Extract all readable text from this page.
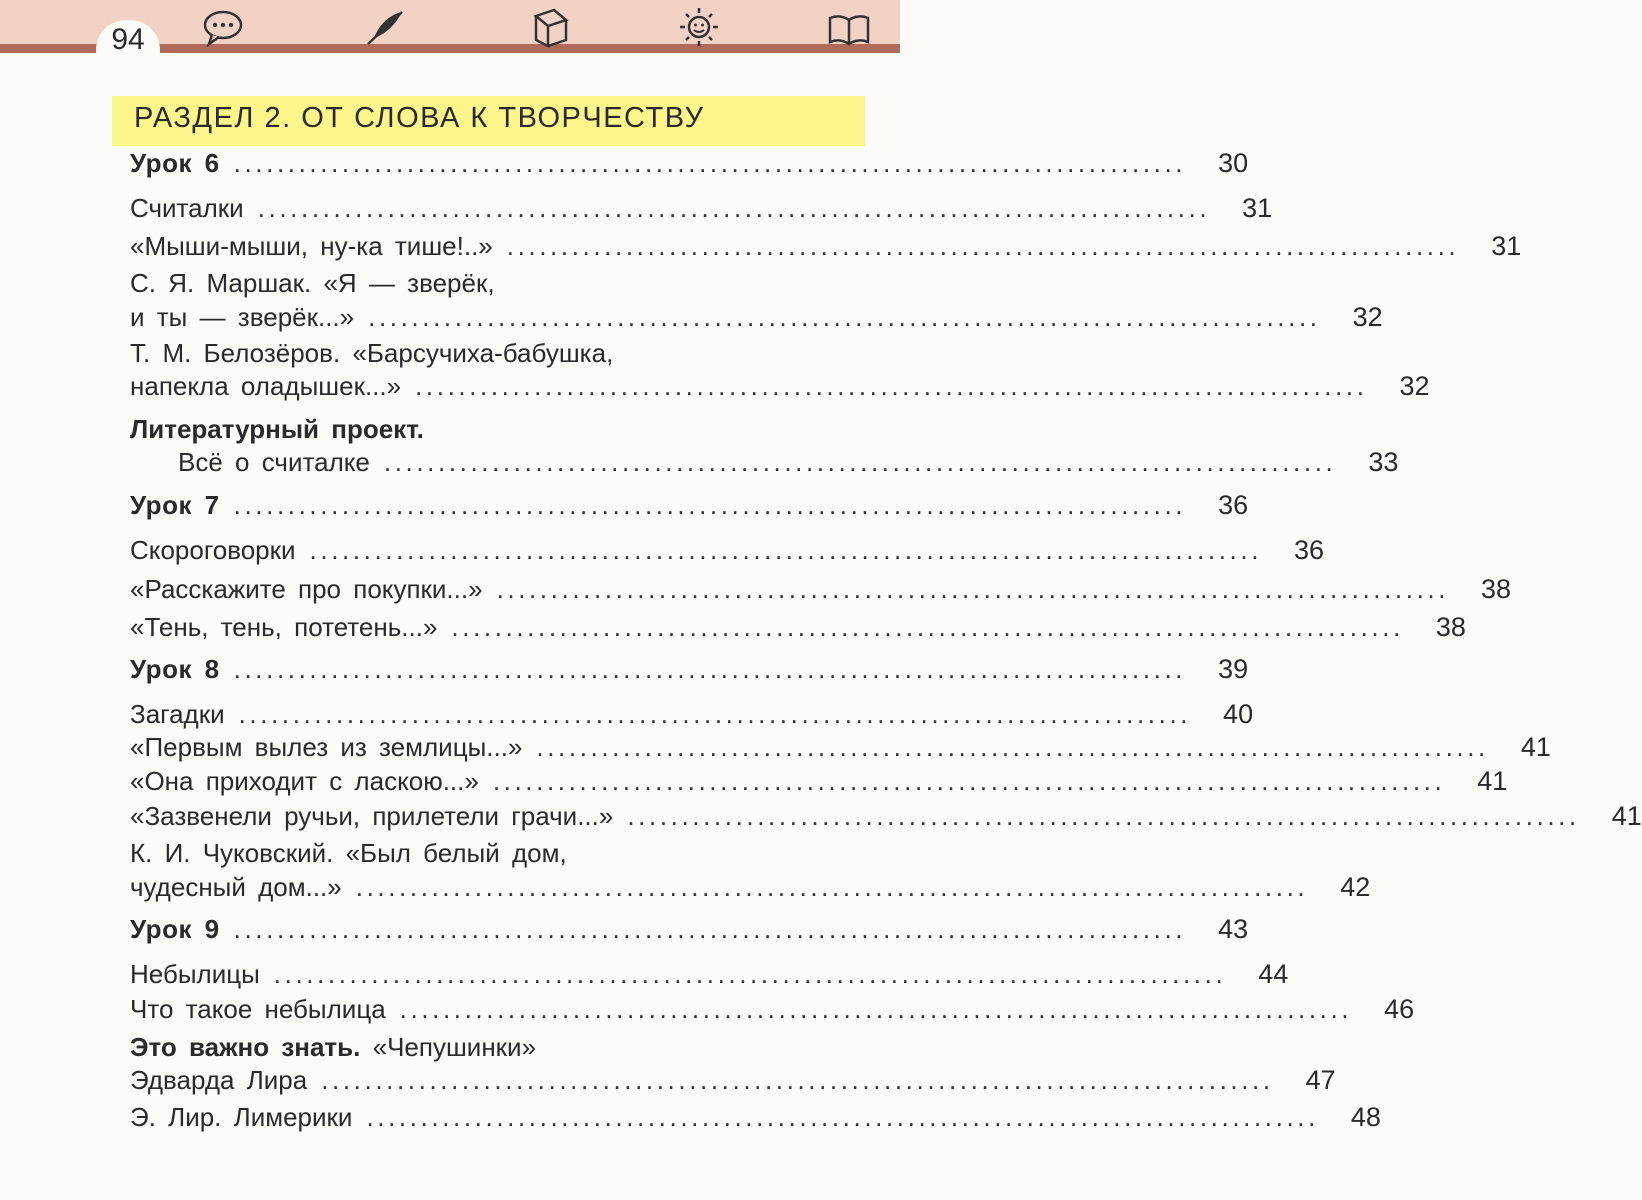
94
РАЗДЕЛ 2. ОТ СЛОВА К ТВОРЧЕСТВУ
Урок 6 ........................................................................................	30
Считалки ........................................................................................	31
«Мыши-мыши, ну-ка тише!..» ........................................................................................	31
С. Я. Маршак. «Я — зверёк,
и ты — зверёк...» ........................................................................................	32
Т. М. Белозёров. «Барсучиха-бабушка,
напекла оладышек...» ........................................................................................	32
Литературный проект.
Всё о считалке ........................................................................................	33
Урок 7 ........................................................................................	36
Скороговорки ........................................................................................	36
«Расскажите про покупки...» ........................................................................................	38
«Тень, тень, потетень...» ........................................................................................	38
Урок 8 ........................................................................................	39
Загадки ........................................................................................	40
«Первым вылез из землицы...» ........................................................................................	41
«Она приходит с ласкою...» ........................................................................................	41
«Зазвенели ручьи, прилетели грачи...» ........................................................................................	41
К. И. Чуковский. «Был белый дом,
чудесный дом...» ........................................................................................	42
Урок 9 ........................................................................................	43
Небылицы ........................................................................................	44
Что такое небылица ........................................................................................	46
Это важно знать. «Чепушинки»
Эдварда Лира ........................................................................................	47
Э. Лир. Лимерики ........................................................................................	48
